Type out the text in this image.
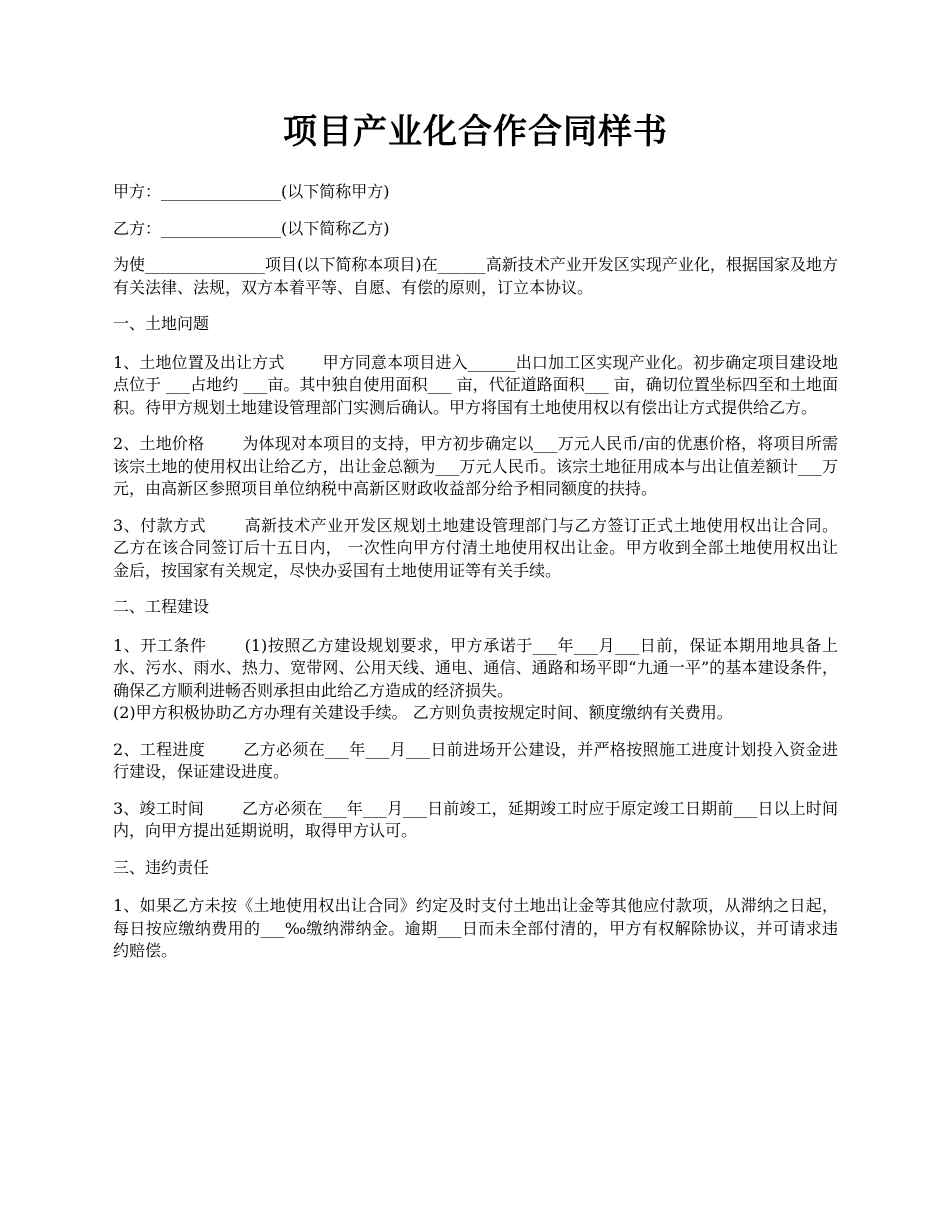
项目产业化合作合同样书

甲方：_______________(以下简称甲方)

乙方：_______________(以下简称乙方)

为使_______________项目(以下简称本项目)在______高新技术产业开发区实现产业化，根据国家及地方有关法律、法规，双方本着平等、自愿、有偿的原则，订立本协议。

一、土地问题

1、土地位置及出让方式 甲方同意本项目进入______出口加工区实现产业化。初步确定项目建设地点位于 ___占地约 ___亩。其中独自使用面积___ 亩，代征道路面积___ 亩，确切位置坐标四至和土地面积。待甲方规划土地建设管理部门实测后确认。甲方将国有土地使用权以有偿出让方式提供给乙方。

2、土地价格 为体现对本项目的支持，甲方初步确定以___万元人民币/亩的优惠价格，将项目所需该宗土地的使用权出让给乙方，出让金总额为___万元人民币。该宗土地征用成本与出让值差额计___万元，由高新区参照项目单位纳税中高新区财政收益部分给予相同额度的扶持。

3、付款方式 高新技术产业开发区规划土地建设管理部门与乙方签订正式土地使用权出让合同。 乙方在该合同签订后十五日内， 一次性向甲方付清土地使用权出让金。甲方收到全部土地使用权出让金后，按国家有关规定，尽快办妥国有土地使用证等有关手续。

二、工程建设

1、开工条件 (1)按照乙方建设规划要求，甲方承诺于___年___月___日前，保证本期用地具备上水、污水、雨水、热力、宽带网、公用天线、通电、通信、通路和场平即“九通一平”的基本建设条件，确保乙方顺利进畅否则承担由此给乙方造成的经济损失。

(2)甲方积极协助乙方办理有关建设手续。 乙方则负责按规定时间、额度缴纳有关费用。

2、工程进度 乙方必须在___年___月___日前进场开公建设，并严格按照施工进度计划投入资金进行建设，保证建设进度。

3、竣工时间 乙方必须在___年___月___日前竣工，延期竣工时应于原定竣工日期前___日以上时间内，向甲方提出延期说明，取得甲方认可。

三、违约责任

1、如果乙方未按《土地使用权出让合同》约定及时支付土地出让金等其他应付款项，从滞纳之日起，每日按应缴纳费用的___‰缴纳滞纳金。逾期___日而未全部付清的，甲方有权解除协议，并可请求违约赔偿。
